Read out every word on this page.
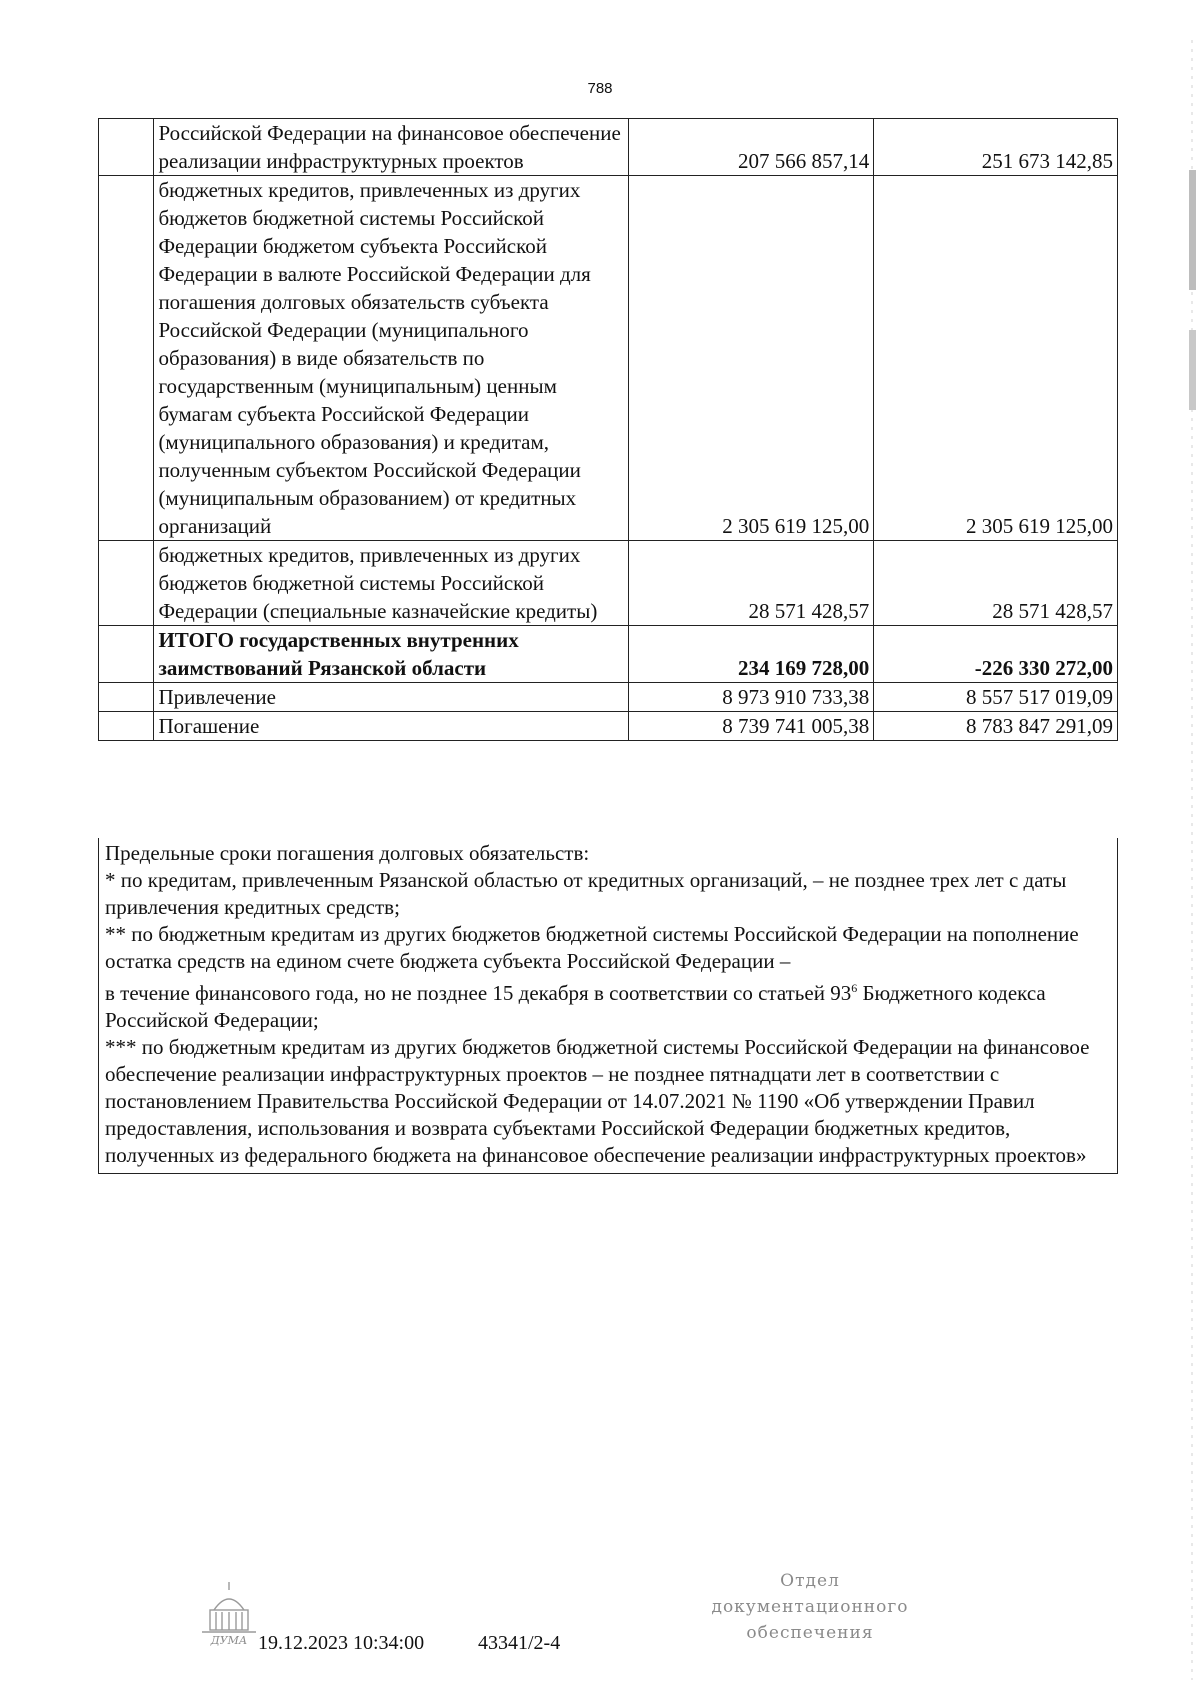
788
	Российской Федерации на финансовое обеспечение реализации инфраструктурных проектов	207 566 857,14	251 673 142,85
	бюджетных кредитов, привлеченных из других бюджетов бюджетной системы Российской Федерации бюджетом субъекта Российской Федерации в валюте Российской Федерации для погашения долговых обязательств субъекта Российской Федерации (муниципального образования) в виде обязательств по государственным (муниципальным) ценным бумагам субъекта Российской Федерации (муниципального образования) и кредитам, полученным субъектом Российской Федерации (муниципальным образованием) от кредитных организаций	2 305 619 125,00	2 305 619 125,00
	бюджетных кредитов, привлеченных из других бюджетов бюджетной системы Российской Федерации (специальные казначейские кредиты)	28 571 428,57	28 571 428,57
	ИТОГО государственных внутренних заимствований Рязанской области	234 169 728,00	-226 330 272,00
	Привлечение	8 973 910 733,38	8 557 517 019,09
	Погашение	8 739 741 005,38	8 783 847 291,09

Предельные сроки погашения долговых обязательств:

* по кредитам, привлеченным Рязанской областью от кредитных организаций, – не позднее трех лет с даты привлечения кредитных средств;

** по бюджетным кредитам из других бюджетов бюджетной системы Российской Федерации на пополнение остатка средств на едином счете бюджета субъекта Российской Федерации –
в течение финансового года, но не позднее 15 декабря в соответствии со статьей $93^6$ Бюджетного кодекса Российской Федерации;

*** по бюджетным кредитам из других бюджетов бюджетной системы Российской Федерации на финансовое обеспечение реализации инфраструктурных проектов – не позднее пятнадцати лет в соответствии с постановлением Правительства Российской Федерации от 14.07.2021 № 1190 «Об утверждении Правил предоставления, использования и возврата субъектами Российской Федерации бюджетных кредитов, полученных из федерального бюджета на финансовое обеспечение реализации инфраструктурных проектов»

ДУМА 19.12.2023 10:34:00	43341/2-4
Отдел документационного
обеспечения
